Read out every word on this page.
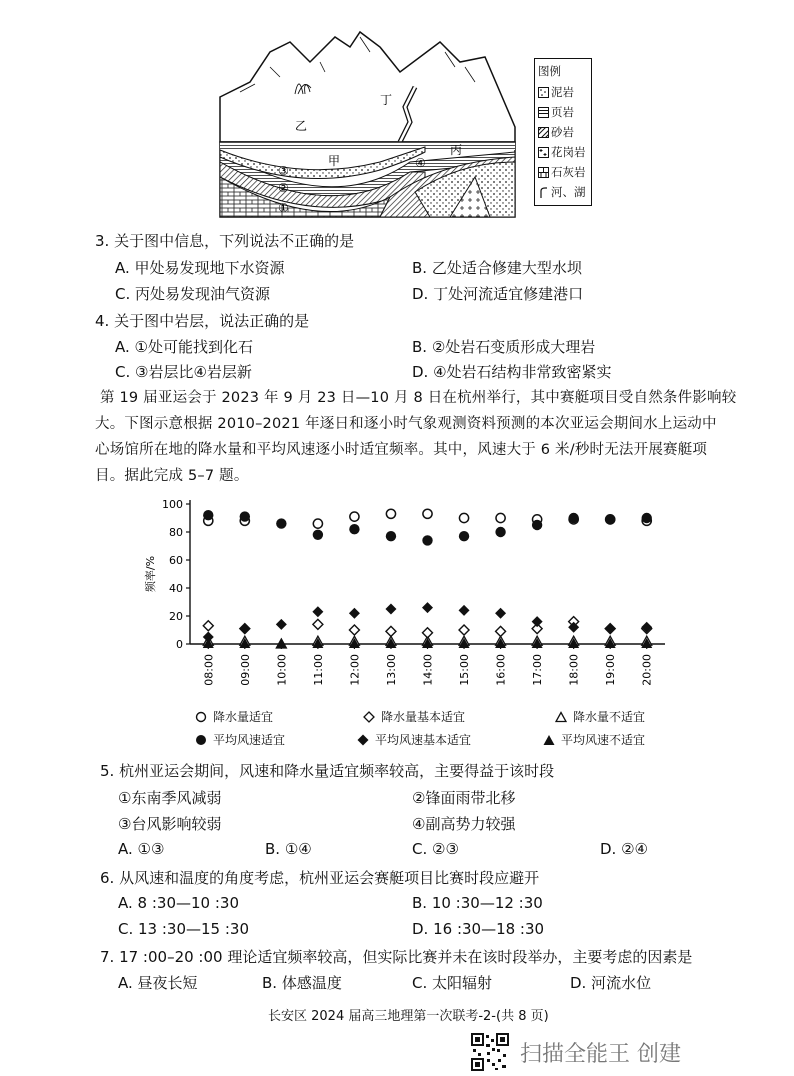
甲
乙
丙
丁
①
②
③
④
图例
泥岩
页岩
砂岩
花岗岩
石灰岩
河、湖
3. 关于图中信息，下列说法不正确的是
A. 甲处易发现地下水资源	B. 乙处适合修建大型水坝
C. 丙处易发现油气资源	D. 丁处河流适宜修建港口
4. 关于图中岩层，说法正确的是
A. ①处可能找到化石	B. ②处岩石变质形成大理岩
C. ③岩层比④岩层新	D. ④处岩石结构非常致密紧实
第 19 届亚运会于 2023 年 9 月 23 日—10 月 8 日在杭州举行，其中赛艇项目受自然条件影响较
大。下图示意根据 2010–2021 年逐日和逐小时气象观测资料预测的本次亚运会期间水上运动中
心场馆所在地的降水量和平均风速逐小时适宜频率。其中，风速大于 6 米/秒时无法开展赛艇项
目。据此完成 5–7 题。
0
20
40
60
80
100
频率/%
08:00 09:00 10:00 11:00 12:00 13:00 14:00 15:00 16:00 17:00 18:00 19:00 20:00
降水量适宜	降水量基本适宜	降水量不适宜
平均风速适宜	平均风速基本适宜	平均风速不适宜
5. 杭州亚运会期间，风速和降水量适宜频率较高，主要得益于该时段
①东南季风减弱	②锋面雨带北移
③台风影响较弱	④副高势力较强
A. ①③	B. ①④	C. ②③	D. ②④
6. 从风速和温度的角度考虑，杭州亚运会赛艇项目比赛时段应避开
A. 8 :30—10 :30	B. 10 :30—12 :30
C. 13 :30—15 :30	D. 16 :30—18 :30
7. 17 :00–20 :00 理论适宜频率较高，但实际比赛并未在该时段举办，主要考虑的因素是
A. 昼夜长短	B. 体感温度	C. 太阳辐射	D. 河流水位
长安区 2024 届高三地理第一次联考-2-(共 8 页)
扫描全能王 创建
